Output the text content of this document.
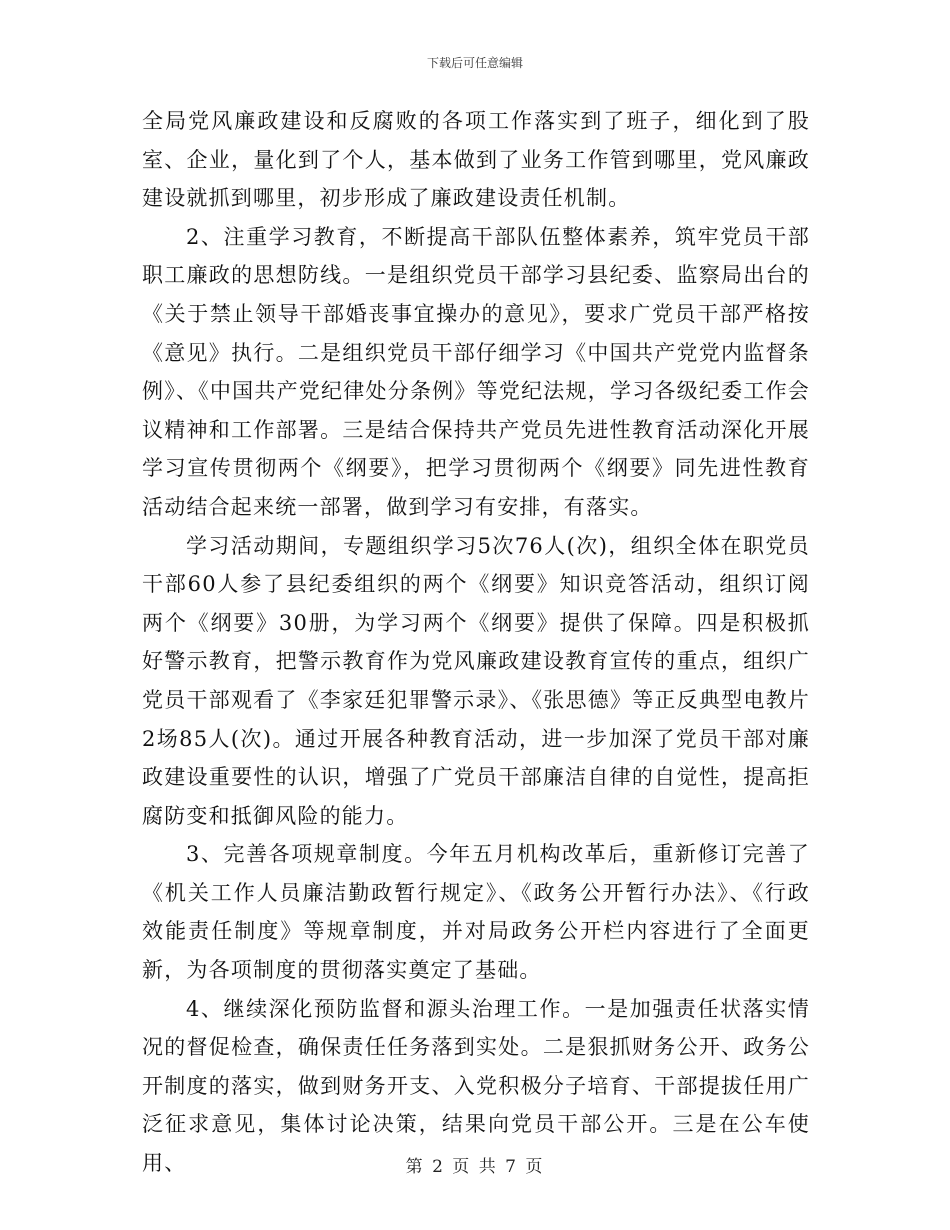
下载后可任意编辑

全局党风廉政建设和反腐败的各项工作落实到了班子，细化到了股室、企业，量化到了个人，基本做到了业务工作管到哪里，党风廉政建设就抓到哪里，初步形成了廉政建设责任机制。

2、注重学习教育，不断提高干部队伍整体素养，筑牢党员干部职工廉政的思想防线。一是组织党员干部学习县纪委、监察局出台的《关于禁止领导干部婚丧事宜操办的意见》，要求广党员干部严格按《意见》执行。二是组织党员干部仔细学习《中国共产党党内监督条例》、《中国共产党纪律处分条例》等党纪法规，学习各级纪委工作会议精神和工作部署。三是结合保持共产党员先进性教育活动深化开展学习宣传贯彻两个《纲要》，把学习贯彻两个《纲要》同先进性教育活动结合起来统一部署，做到学习有安排，有落实。

学习活动期间，专题组织学习5次76人(次)，组织全体在职党员干部60人参了县纪委组织的两个《纲要》知识竞答活动，组织订阅两个《纲要》30册，为学习两个《纲要》提供了保障。四是积极抓好警示教育，把警示教育作为党风廉政建设教育宣传的重点，组织广党员干部观看了《李家廷犯罪警示录》、《张思德》等正反典型电教片2场85人(次)。通过开展各种教育活动，进一步加深了党员干部对廉政建设重要性的认识，增强了广党员干部廉洁自律的自觉性，提高拒腐防变和抵御风险的能力。

3、完善各项规章制度。今年五月机构改革后，重新修订完善了《机关工作人员廉洁勤政暂行规定》、《政务公开暂行办法》、《行政效能责任制度》等规章制度，并对局政务公开栏内容进行了全面更新，为各项制度的贯彻落实奠定了基础。

4、继续深化预防监督和源头治理工作。一是加强责任状落实情况的督促检查，确保责任任务落到实处。二是狠抓财务公开、政务公开制度的落实，做到财务开支、入党积极分子培育、干部提拔任用广泛征求意见，集体讨论决策，结果向党员干部公开。三是在公车使用、	第 2 页 共 7 页
